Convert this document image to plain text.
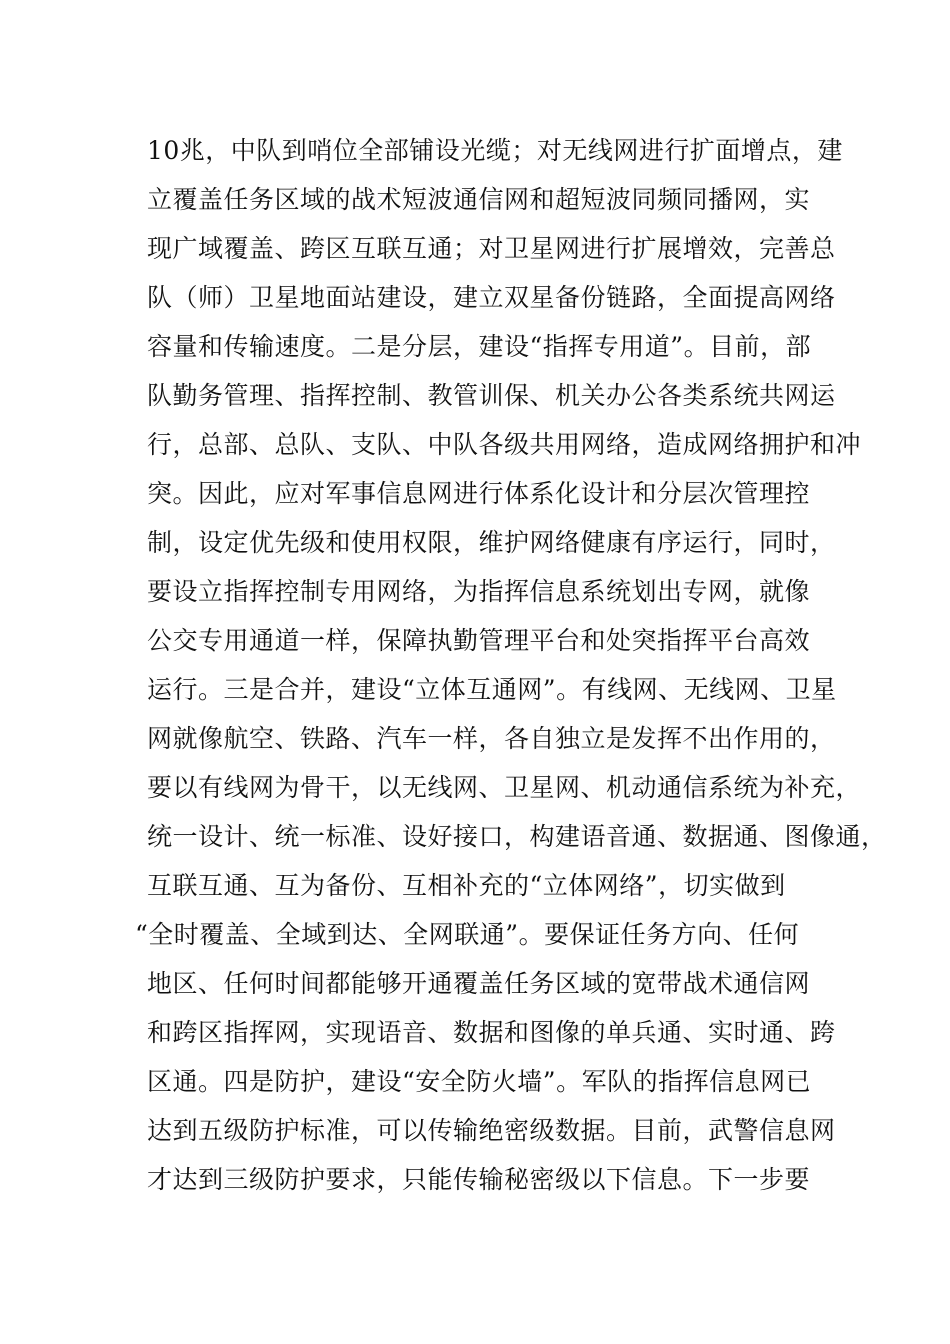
10兆，中队到哨位全部铺设光缆；对无线网进行扩面增点，建
立覆盖任务区域的战术短波通信网和超短波同频同播网，实
现广域覆盖、跨区互联互通；对卫星网进行扩展增效，完善总
队（师）卫星地面站建设，建立双星备份链路，全面提高网络
容量和传输速度。二是分层，建设“指挥专用道”。目前，部
队勤务管理、指挥控制、教管训保、机关办公各类系统共网运
行，总部、总队、支队、中队各级共用网络，造成网络拥护和冲
突。因此，应对军事信息网进行体系化设计和分层次管理控
制，设定优先级和使用权限，维护网络健康有序运行，同时，
要设立指挥控制专用网络，为指挥信息系统划出专网，就像
公交专用通道一样，保障执勤管理平台和处突指挥平台高效
运行。三是合并，建设“立体互通网”。有线网、无线网、卫星
网就像航空、铁路、汽车一样，各自独立是发挥不出作用的，
要以有线网为骨干，以无线网、卫星网、机动通信系统为补充，
统一设计、统一标准、设好接口，构建语音通、数据通、图像通，
互联互通、互为备份、互相补充的“立体网络”，切实做到
“全时覆盖、全域到达、全网联通”。要保证任务方向、任何
地区、任何时间都能够开通覆盖任务区域的宽带战术通信网
和跨区指挥网，实现语音、数据和图像的单兵通、实时通、跨
区通。四是防护，建设“安全防火墙”。军队的指挥信息网已
达到五级防护标准，可以传输绝密级数据。目前，武警信息网
才达到三级防护要求，只能传输秘密级以下信息。下一步要
